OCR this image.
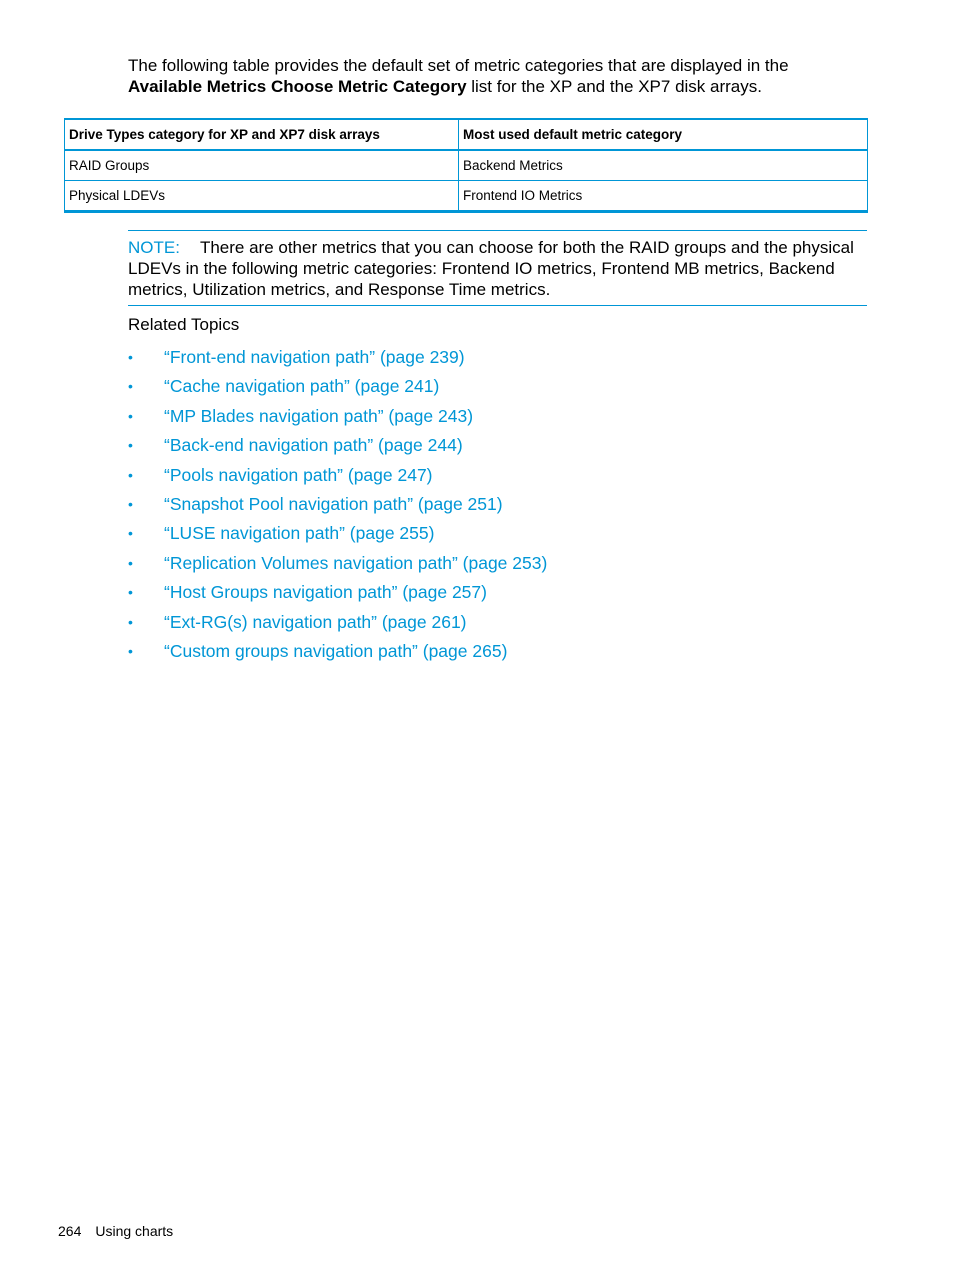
The following table provides the default set of metric categories that are displayed in the Available Metrics Choose Metric Category list for the XP and the XP7 disk arrays.

Drive Types category for XP and XP7 disk arrays	Most used default metric category
RAID Groups	Backend Metrics
Physical LDEVs	Frontend IO Metrics
NOTE: There are other metrics that you can choose for both the RAID groups and the physical LDEVs in the following metric categories: Frontend IO metrics, Frontend MB metrics, Backend metrics, Utilization metrics, and Response Time metrics.
Related Topics
•	“Front-end navigation path” (page 239)
•	“Cache navigation path” (page 241)
•	“MP Blades navigation path” (page 243)
•	“Back-end navigation path” (page 244)
•	“Pools navigation path” (page 247)
•	“Snapshot Pool navigation path” (page 251)
•	“LUSE navigation path” (page 255)
•	“Replication Volumes navigation path” (page 253)
•	“Host Groups navigation path” (page 257)
•	“Ext-RG(s) navigation path” (page 261)
•	“Custom groups navigation path” (page 265)
264 Using charts
